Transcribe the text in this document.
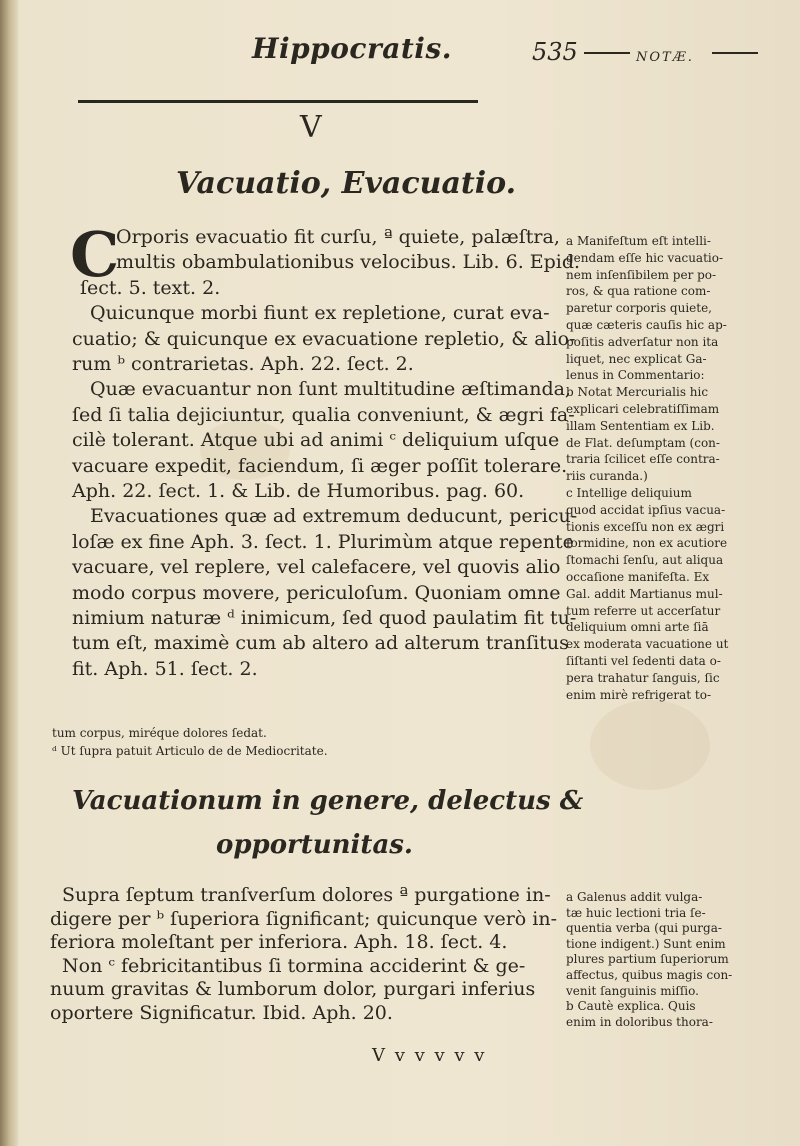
Hippocratis.	535	NOTÆ.
V
Vacuatio, Evacuatio.
C
Orporis evacuatio fit curſu, ª quiete, palæſtra,
multis obambulationibus velocibus. Lib. 6. Epid.
ſect. 5. text. 2.
Quicunque morbi fiunt ex repletione, curat eva-
cuatio; & quicunque ex evacuatione repletio, & alio-
rum ᵇ contrarietas. Aph. 22. ſect. 2.
Quæ evacuantur non ſunt multitudine æſtimanda,
ſed ſi talia dejiciuntur, qualia conveniunt, & ægri fa-
cilè tolerant. Atque ubi ad animi ᶜ deliquium uſque
vacuare expedit, faciendum, ſi æger poſſit tolerare.
Aph. 22. ſect. 1. & Lib. de Humoribus. pag. 60.
Evacuationes quæ ad extremum deducunt, pericu-
loſæ ex fine Aph. 3. ſect. 1. Plurimùm atque repente
vacuare, vel replere, vel calefacere, vel quovis alio
modo corpus movere, periculoſum. Quoniam omne
nimium naturæ ᵈ inimicum, ſed quod paulatim fit tu-
tum eſt, maximè cum ab altero ad alterum tranſitus
fit. Aph. 51. ſect. 2.
a Manifeſtum eſt intelli-
gendam eſſe hic vacuatio-
nem inſenſibilem per po-
ros, & qua ratione com-
paretur corporis quiete,
quæ cæteris cauſis hic ap-
poſitis adverſatur non ita
liquet, nec explicat Ga-
lenus in Commentario:
b Notat Mercurialis hic
explicari celebratiſſimam
illam Sententiam ex Lib.
de Flat. deſumptam (con-
traria ſcilicet eſſe contra-
riis curanda.)
c Intellige deliquium
quod accidat ipſius vacua-
tionis exceſſu non ex ægri
formidine, non ex acutiore
ſtomachi ſenſu, aut aliqua
occaſione manifeſta. Ex
Gal. addit Martianus mul-
tum referre ut accerſatur
deliquium omni arte ſiā
ex moderata vacuatione ut
ſiſtanti vel ſedenti data o-
pera trahatur ſanguis, ſic
enim mirè refrigerat to-
tum corpus, miréque dolores ſedat.
ᵈ Ut ſupra patuit Articulo de de Mediocritate.
Vacuationum in genere, delectus &
opportunitas.
Supra ſeptum tranſverſum dolores ª purgatione in-
digere per ᵇ ſuperiora ſignificant; quicunque verò in-
feriora moleſtant per inferiora. Aph. 18. ſect. 4.
Non ᶜ febricitantibus ſi tormina acciderint & ge-
nuum gravitas & lumborum dolor, purgari inferius
oportere Significatur. Ibid. Aph. 20.
a Galenus addit vulga-
tæ huic lectioni tria ſe-
quentia verba (qui purga-
tione indigent.) Sunt enim
plures partium ſuperiorum
affectus, quibus magis con-
venit ſanguinis miſſio.
b Cautè explica. Quis
enim in doloribus thora-
V v v v v v
